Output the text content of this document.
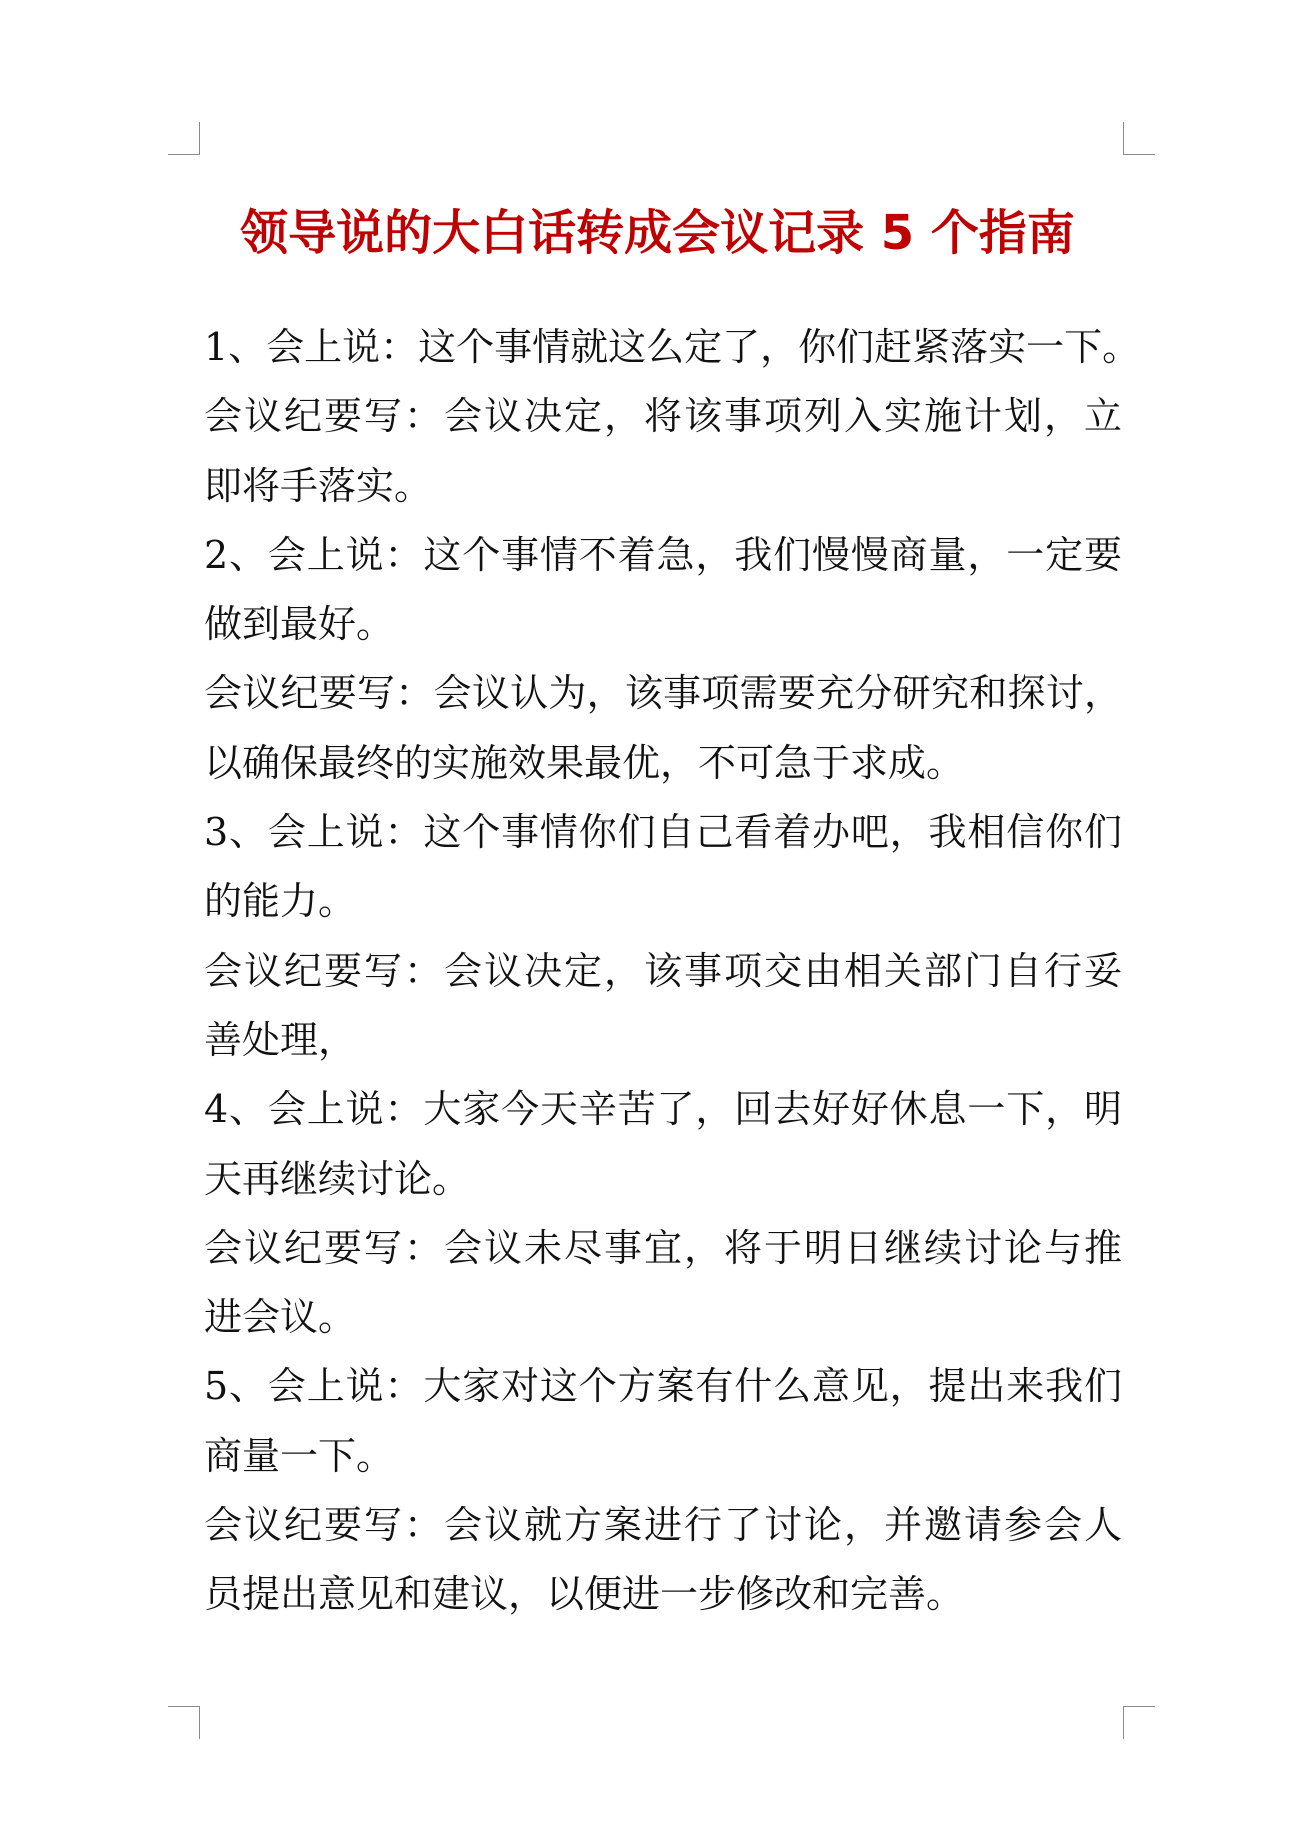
领导说的大白话转成会议记录 5 个指南
1、会上说：这个事情就这么定了，你们赶紧落实一下。
会议纪要写：会议决定，将该事项列入实施计划，立
即将手落实。
2、会上说：这个事情不着急，我们慢慢商量，一定要
做到最好。
会议纪要写：会议认为，该事项需要充分研究和探讨，
以确保最终的实施效果最优，不可急于求成。
3、会上说：这个事情你们自己看着办吧，我相信你们
的能力。
会议纪要写：会议决定，该事项交由相关部门自行妥
善处理，
4、会上说：大家今天辛苦了，回去好好休息一下，明
天再继续讨论。
会议纪要写：会议未尽事宜，将于明日继续讨论与推
进会议。
5、会上说：大家对这个方案有什么意见，提出来我们
商量一下。
会议纪要写：会议就方案进行了讨论，并邀请参会人
员提出意见和建议，以便进一步修改和完善。
